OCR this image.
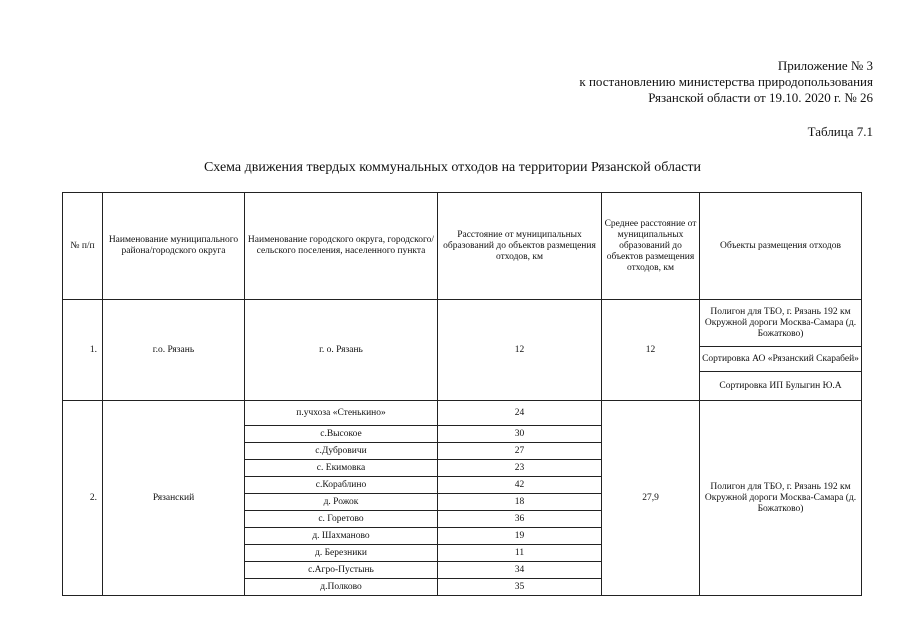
Приложение № 3
к постановлению министерства природопользования
Рязанской области от 19.10. 2020 г. № 26
Таблица 7.1
Схема движения твердых коммунальных отходов на территории Рязанской области
№ п/п	Наименование муниципального района/городского округа	Наименование городского округа, городского/сельского поселения, населенного пункта	Расстояние от муниципальных образований до объектов размещения отходов, км	Среднее расстояние от муниципальных образований до объектов размещения отходов, км	Объекты размещения отходов
1.	г.о. Рязань	г. о. Рязань	12	12	Полигон для ТБО, г. Рязань 192 км Окружной дороги Москва-Самара (д. Божатково)
					Сортировка АО «Рязанский Скарабей»
					Сортировка ИП Булыгин Ю.А
2.	Рязанский	п.учхоза «Стенькино»	24	27,9	Полигон для ТБО, г. Рязань 192 км Окружной дороги Москва-Самара (д. Божатково)
		с.Высокое	30		
		с.Дубровичи	27		
		с. Екимовка	23		
		с.Кораблино	42		
		д. Рожок	18		
		с. Горетово	36		
		д. Шахманово	19		
		д. Березники	11		
		с.Агро-Пустынь	34		
		д.Полково	35		
